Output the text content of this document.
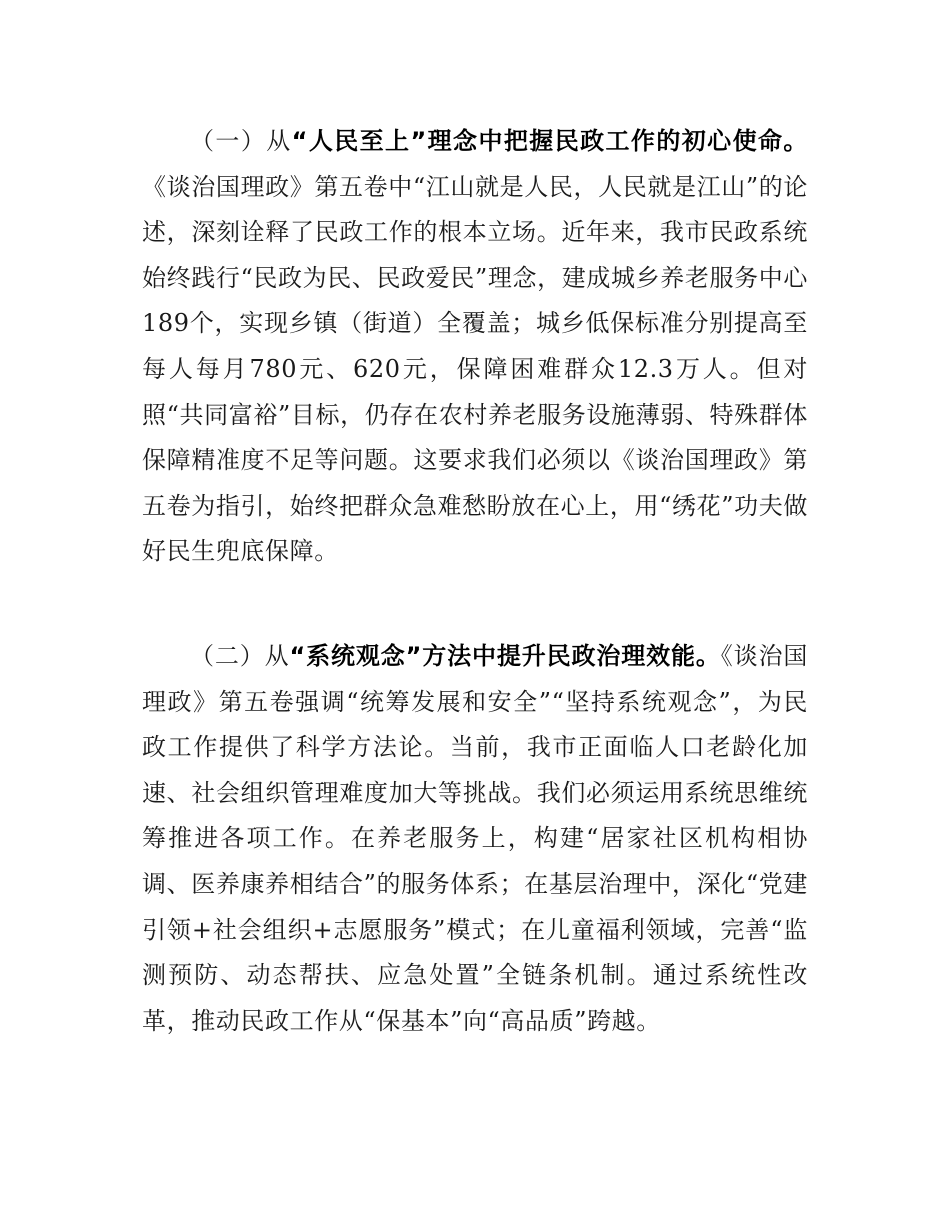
（一）从“人民至上”理念中把握民政工作的初心使命。《谈治国理政》第五卷中“江山就是人民，人民就是江山”的论述，深刻诠释了民政工作的根本立场。近年来，我市民政系统始终践行“民政为民、民政爱民”理念，建成城乡养老服务中心189个，实现乡镇（街道）全覆盖；城乡低保标准分别提高至每人每月780元、620元，保障困难群众12.3万人。但对照“共同富裕”目标，仍存在农村养老服务设施薄弱、特殊群体保障精准度不足等问题。这要求我们必须以《谈治国理政》第五卷为指引，始终把群众急难愁盼放在心上，用“绣花”功夫做好民生兜底保障。

（二）从“系统观念”方法中提升民政治理效能。《谈治国理政》第五卷强调“统筹发展和安全”“坚持系统观念”，为民政工作提供了科学方法论。当前，我市正面临人口老龄化加速、社会组织管理难度加大等挑战。我们必须运用系统思维统筹推进各项工作。在养老服务上，构建“居家社区机构相协调、医养康养相结合”的服务体系；在基层治理中，深化“党建引领+社会组织+志愿服务”模式；在儿童福利领域，完善“监测预防、动态帮扶、应急处置”全链条机制。通过系统性改革，推动民政工作从“保基本”向“高品质”跨越。
